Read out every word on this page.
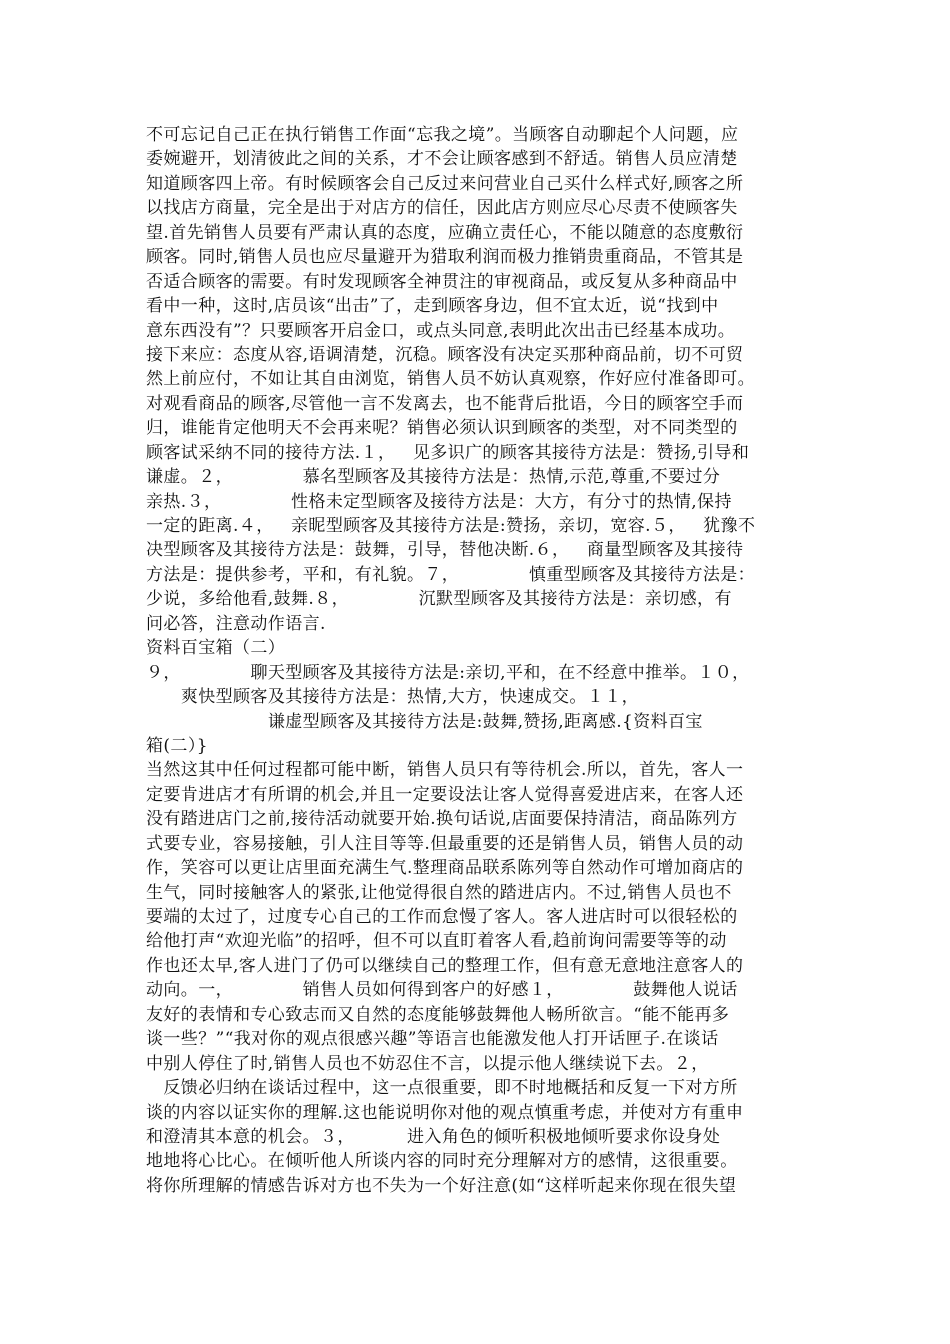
不可忘记自己正在执行销售工作面“忘我之境”。当顾客自动聊起个人问题，应
委婉避开，划清彼此之间的关系，才不会让顾客感到不舒适。销售人员应清楚
知道顾客四上帝。有时候顾客会自己反过来问营业自己买什么样式好,顾客之所
以找店方商量，完全是出于对店方的信任，因此店方则应尽心尽责不使顾客失
望.首先销售人员要有严肃认真的态度，应确立责任心，不能以随意的态度敷衍
顾客。同时,销售人员也应尽量避开为猎取利润而极力推销贵重商品，不管其是
否适合顾客的需要。有时发现顾客全神贯注的审视商品，或反复从多种商品中
看中一种，这时,店员该“出击”了，走到顾客身边，但不宜太近，说“找到中
意东西没有”？只要顾客开启金口，或点头同意,表明此次出击已经基本成功。
接下来应：态度从容,语调清楚，沉稳。顾客没有决定买那种商品前，切不可贸
然上前应付，不如让其自由浏览，销售人员不妨认真观察，作好应付准备即可。
对观看商品的顾客,尽管他一言不发离去，也不能背后批语，今日的顾客空手而
归，谁能肯定他明天不会再来呢？销售必须认识到顾客的类型，对不同类型的
顾客试采纳不同的接待方法.１，   见多识广的顾客其接待方法是：赞扬,引导和
谦虚。２，            慕名型顾客及其接待方法是：热情,示范,尊重,不要过分
亲热.３，            性格未定型顾客及接待方法是：大方，有分寸的热情,保持
一定的距离.４，   亲昵型顾客及其接待方法是:赞扬，亲切，宽容.５，   犹豫不
决型顾客及其接待方法是：鼓舞，引导，替他决断.６，   商量型顾客及其接待
方法是：提供参考，平和，有礼貌。７，            慎重型顾客及其接待方法是：
少说，多给他看,鼓舞.８，            沉默型顾客及其接待方法是：亲切感，有
问必答，注意动作语言.
资料百宝箱（二）
９，            聊天型顾客及其接待方法是:亲切,平和，在不经意中推举。１０，
爽快型顾客及其接待方法是：热情,大方，快速成交。１１，
谦虚型顾客及其接待方法是:鼓舞,赞扬,距离感.{资料百宝
箱(二）}
当然这其中任何过程都可能中断，销售人员只有等待机会.所以，首先，客人一
定要肯进店才有所谓的机会,并且一定要设法让客人觉得喜爱进店来，在客人还
没有踏进店门之前,接待活动就要开始.换句话说,店面要保持清洁，商品陈列方
式要专业，容易接触，引人注目等等.但最重要的还是销售人员，销售人员的动
作，笑容可以更让店里面充满生气.整理商品联系陈列等自然动作可增加商店的
生气，同时接触客人的紧张,让他觉得很自然的踏进店内。不过,销售人员也不
要端的太过了，过度专心自己的工作而怠慢了客人。客人进店时可以很轻松的
给他打声“欢迎光临”的招呼，但不可以直盯着客人看,趋前询问需要等等的动
作也还太早,客人进门了仍可以继续自己的整理工作，但有意无意地注意客人的
动向。一，            销售人员如何得到客户的好感１，            鼓舞他人说话
友好的表情和专心致志而又自然的态度能够鼓舞他人畅所欲言。“能不能再多
谈一些？”“我对你的观点很感兴趣”等语言也能激发他人打开话匣子.在谈话
中别人停住了时,销售人员也不妨忍住不言，以提示他人继续说下去。２，
反馈必归纳在谈话过程中，这一点很重要，即不时地概括和反复一下对方所
谈的内容以证实你的理解.这也能说明你对他的观点慎重考虑，并使对方有重申
和澄清其本意的机会。３，         进入角色的倾听积极地倾听要求你设身处
地地将心比心。在倾听他人所谈内容的同时充分理解对方的感情，这很重要。
将你所理解的情感告诉对方也不失为一个好注意(如“这样听起来你现在很失望
